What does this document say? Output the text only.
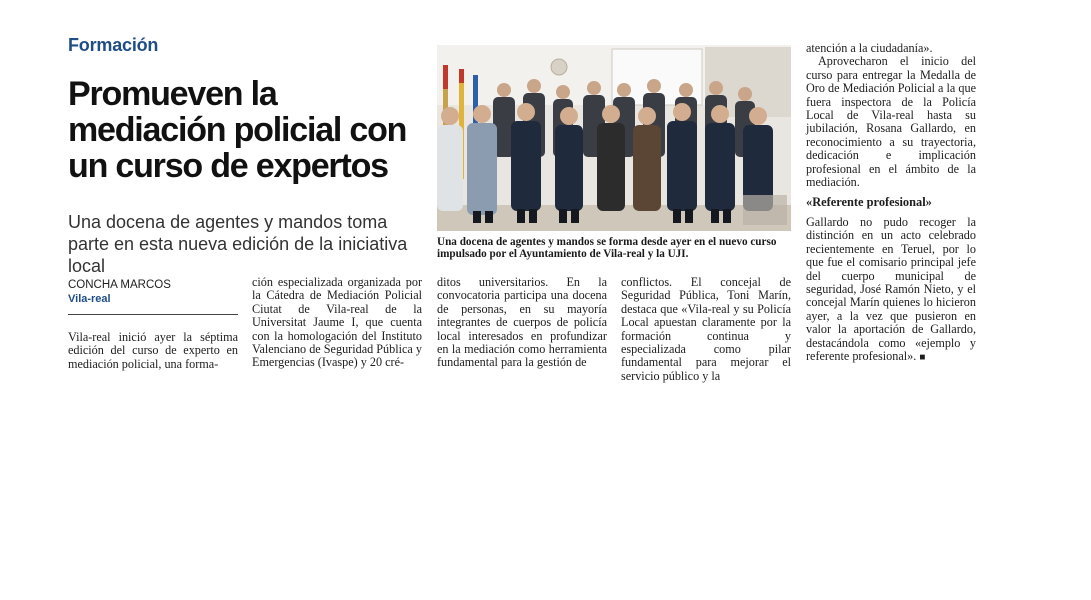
Formación
Promueven la mediación policial con un curso de expertos

Una docena de agentes y mandos toma parte en esta nueva edición de la iniciativa local

CONCHA MARCOS
Vila-real

Vila-real inició ayer la séptima edición del curso de experto en mediación policial, una forma-

ción especializada organizada por la Cátedra de Mediación Policial Ciutat de Vila-real de la Universitat Jaume I, que cuenta con la homologación del Instituto Valenciano de Seguridad Pública y Emergencias (Ivaspe) y 20 cré-

ditos universitarios. En la convocatoria participa una docena de personas, en su mayoría integrantes de cuerpos de policía local interesados en profundizar en la mediación como herramienta fundamental para la gestión de

conflictos. El concejal de Seguridad Pública, Toni Marín, destaca que «Vila-real y su Policía Local apuestan claramente por la formación continua y especializada como pilar fundamental para mejorar el servicio público y la

atención a la ciudadanía».

Aprovecharon el inicio del curso para entregar la Medalla de Oro de Mediación Policial a la que fuera inspectora de la Policía Local de Vila-real hasta su jubilación, Rosana Gallardo, en reconocimiento a su trayectoria, dedicación e implicación profesional en el ámbito de la mediación.

«Referente profesional»

Gallardo no pudo recoger la distinción en un acto celebrado recientemente en Teruel, por lo que fue el comisario principal jefe del cuerpo municipal de seguridad, José Ramón Nieto, y el concejal Marín quienes lo hicieron ayer, a la vez que pusieron en valor la aportación de Gallardo, destacándola como «ejemplo y referente profesional». ■

Una docena de agentes y mandos se forma desde ayer en el nuevo curso impulsado por el Ayuntamiento de Vila-real y la UJI.
